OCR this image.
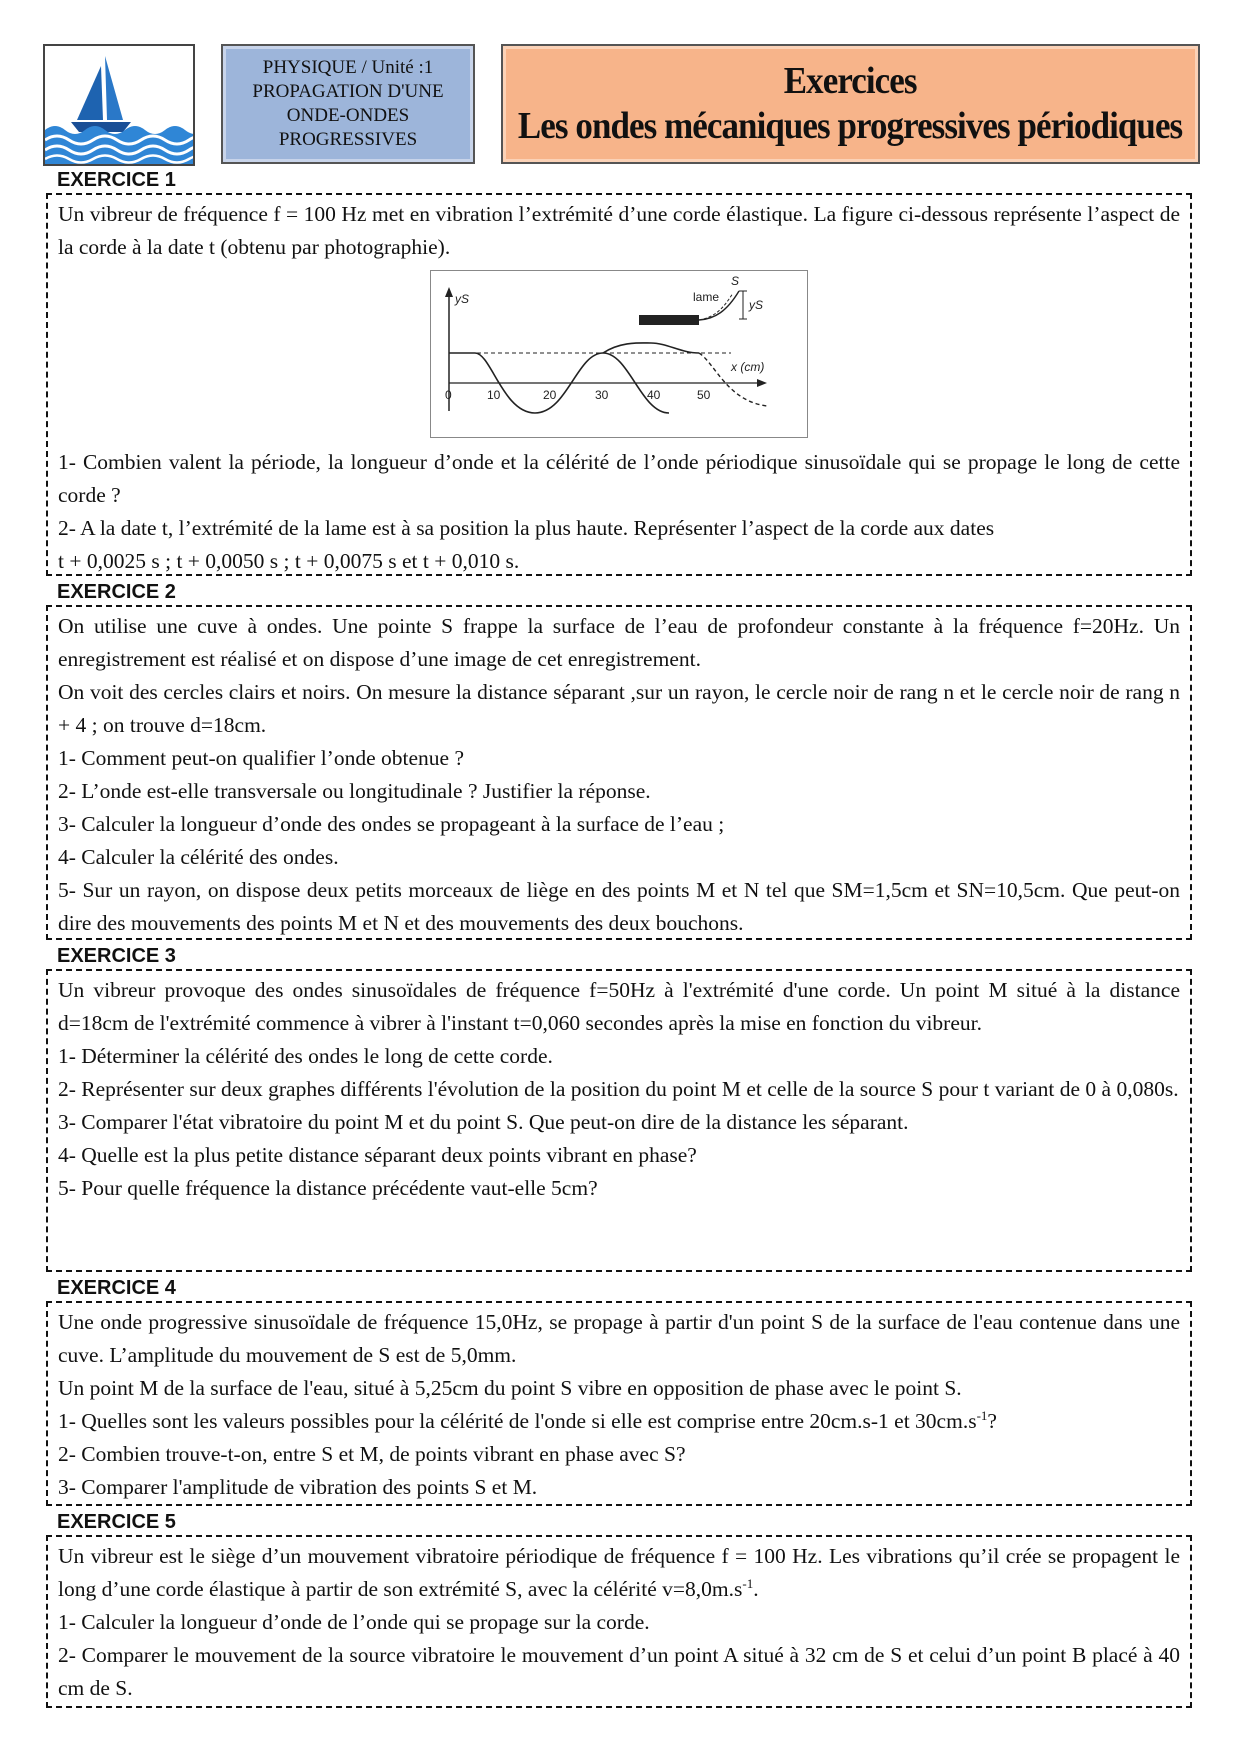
PHYSIQUE / Unité :1
PROPAGATION D'UNE
ONDE-ONDES
PROGRESSIVES
Exercices
Les ondes mécaniques progressives périodiques
EXERCICE 1

Un vibreur de fréquence f = 100 Hz met en vibration l’extrémité d’une corde élastique. La figure ci-dessous représente l’aspect de la corde à la date t (obtenu par photographie).

yS
x (cm)
0	10	20	30	40	50
lame
S
yS

1- Combien valent la période, la longueur d’onde et la célérité de l’onde périodique sinusoïdale qui se propage le long de cette corde ?

2- A la date t, l’extrémité de la lame est à sa position la plus haute. Représenter l’aspect de la corde aux dates

t + 0,0025 s ; t + 0,0050 s ; t + 0,0075 s et t + 0,010 s.

EXERCICE 2

On utilise une cuve à ondes. Une pointe S frappe la surface de l’eau de profondeur constante à la fréquence f=20Hz. Un enregistrement est réalisé et on dispose d’une image de cet enregistrement.

On voit des cercles clairs et noirs. On mesure la distance séparant ,sur un rayon, le cercle noir de rang n et le cercle noir de rang n + 4 ; on trouve d=18cm.

1- Comment peut-on qualifier l’onde obtenue ?

2- L’onde est-elle transversale ou longitudinale ? Justifier la réponse.

3- Calculer la longueur d’onde des ondes se propageant à la surface de l’eau ;

4- Calculer la célérité des ondes.

5- Sur un rayon, on dispose deux petits morceaux de liège en des points M et N tel que SM=1,5cm et SN=10,5cm. Que peut-on dire des mouvements des points M et N et des mouvements des deux bouchons.

EXERCICE 3

Un vibreur provoque des ondes sinusoïdales de fréquence f=50Hz à l'extrémité d'une corde. Un point M situé à la distance d=18cm de l'extrémité commence à vibrer à l'instant t=0,060 secondes après la mise en fonction du vibreur.

1- Déterminer la célérité des ondes le long de cette corde.

2- Représenter sur deux graphes différents l'évolution de la position du point M et celle de la source S pour t variant de 0 à 0,080s.

3- Comparer l'état vibratoire du point M et du point S. Que peut-on dire de la distance les séparant.

4- Quelle est la plus petite distance séparant deux points vibrant en phase?

5- Pour quelle fréquence la distance précédente vaut-elle 5cm?

EXERCICE 4

Une onde progressive sinusoïdale de fréquence 15,0Hz, se propage à partir d'un point S de la surface de l'eau contenue dans une cuve. L’amplitude du mouvement de S est de 5,0mm.

Un point M de la surface de l'eau, situé à 5,25cm du point S vibre en opposition de phase avec le point S.

1- Quelles sont les valeurs possibles pour la célérité de l'onde si elle est comprise entre 20cm.s-1 et $30cm.s^{-1}$?

2- Combien trouve-t-on, entre S et M, de points vibrant en phase avec S?

3- Comparer l'amplitude de vibration des points S et M.

EXERCICE 5

Un vibreur est le siège d’un mouvement vibratoire périodique de fréquence f = 100 Hz. Les vibrations qu’il crée se propagent le long d’une corde élastique à partir de son extrémité S, avec la célérité $v=8,0m.s^{-1}$.

1- Calculer la longueur d’onde de l’onde qui se propage sur la corde.

2- Comparer le mouvement de la source vibratoire le mouvement d’un point A situé à 32 cm de S et celui d’un point B placé à 40 cm de S.
